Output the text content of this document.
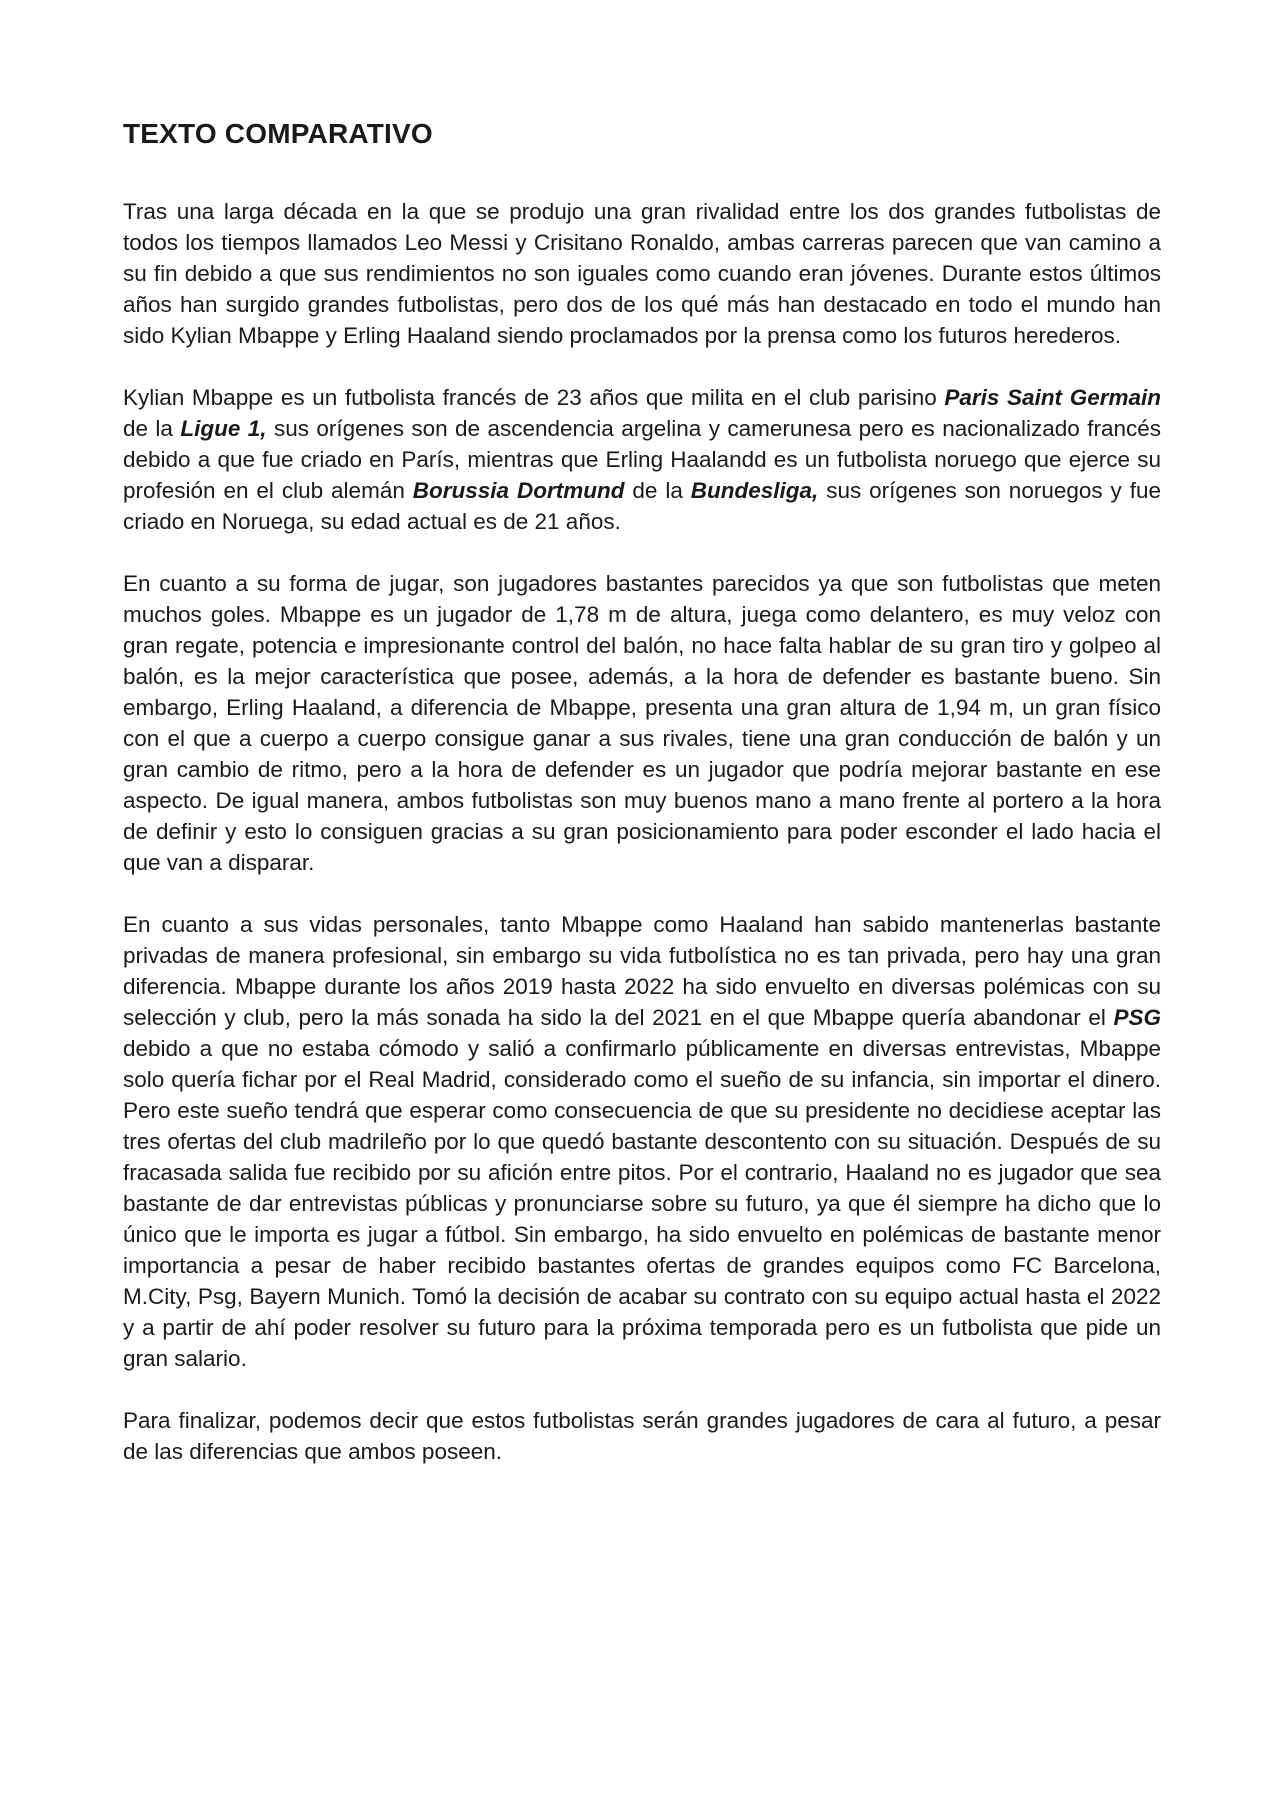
TEXTO COMPARATIVO

Tras una larga década en la que se produjo una gran rivalidad entre los dos grandes futbolistas de todos los tiempos llamados Leo Messi y Crisitano Ronaldo, ambas carreras parecen que van camino a su fin debido a que sus rendimientos no son iguales como cuando eran jóvenes. Durante estos últimos años han surgido grandes futbolistas, pero dos de los qué más han destacado en todo el mundo han sido Kylian Mbappe y Erling Haaland siendo proclamados por la prensa como los futuros herederos.

Kylian Mbappe es un futbolista francés de 23 años que milita en el club parisino Paris Saint Germain de la Ligue 1, sus orígenes son de ascendencia argelina y camerunesa pero es nacionalizado francés debido a que fue criado en París, mientras que Erling Haalandd es un futbolista noruego que ejerce su profesión en el club alemán Borussia Dortmund de la Bundesliga, sus orígenes son noruegos y fue criado en Noruega, su edad actual es de 21 años.

En cuanto a su forma de jugar, son jugadores bastantes parecidos ya que son futbolistas que meten muchos goles. Mbappe es un jugador de 1,78 m de altura, juega como delantero, es muy veloz con gran regate, potencia e impresionante control del balón, no hace falta hablar de su gran tiro y golpeo al balón, es la mejor característica que posee, además, a la hora de defender es bastante bueno. Sin embargo, Erling Haaland, a diferencia de Mbappe, presenta una gran altura de 1,94 m, un gran físico con el que a cuerpo a cuerpo consigue ganar a sus rivales, tiene una gran conducción de balón y un gran cambio de ritmo, pero a la hora de defender es un jugador que podría mejorar bastante en ese aspecto. De igual manera, ambos futbolistas son muy buenos mano a mano frente al portero a la hora de definir y esto lo consiguen gracias a su gran posicionamiento para poder esconder el lado hacia el que van a disparar.

En cuanto a sus vidas personales, tanto Mbappe como Haaland han sabido mantenerlas bastante privadas de manera profesional, sin embargo su vida futbolística no es tan privada, pero hay una gran diferencia. Mbappe durante los años 2019 hasta 2022 ha sido envuelto en diversas polémicas con su selección y club, pero la más sonada ha sido la del 2021 en el que Mbappe quería abandonar el PSG debido a que no estaba cómodo y salió a confirmarlo públicamente en diversas entrevistas, Mbappe solo quería fichar por el Real Madrid, considerado como el sueño de su infancia, sin importar el dinero. Pero este sueño tendrá que esperar como consecuencia de que su presidente no decidiese aceptar las tres ofertas del club madrileño por lo que quedó bastante descontento con su situación. Después de su fracasada salida fue recibido por su afición entre pitos. Por el contrario, Haaland no es jugador que sea bastante de dar entrevistas públicas y pronunciarse sobre su futuro, ya que él siempre ha dicho que lo único que le importa es jugar a fútbol. Sin embargo, ha sido envuelto en polémicas de bastante menor importancia a pesar de haber recibido bastantes ofertas de grandes equipos como FC Barcelona, M.City, Psg, Bayern Munich. Tomó la decisión de acabar su contrato con su equipo actual hasta el 2022 y a partir de ahí poder resolver su futuro para la próxima temporada pero es un futbolista que pide un gran salario.

Para finalizar, podemos decir que estos futbolistas serán grandes jugadores de cara al futuro, a pesar de las diferencias que ambos poseen.
